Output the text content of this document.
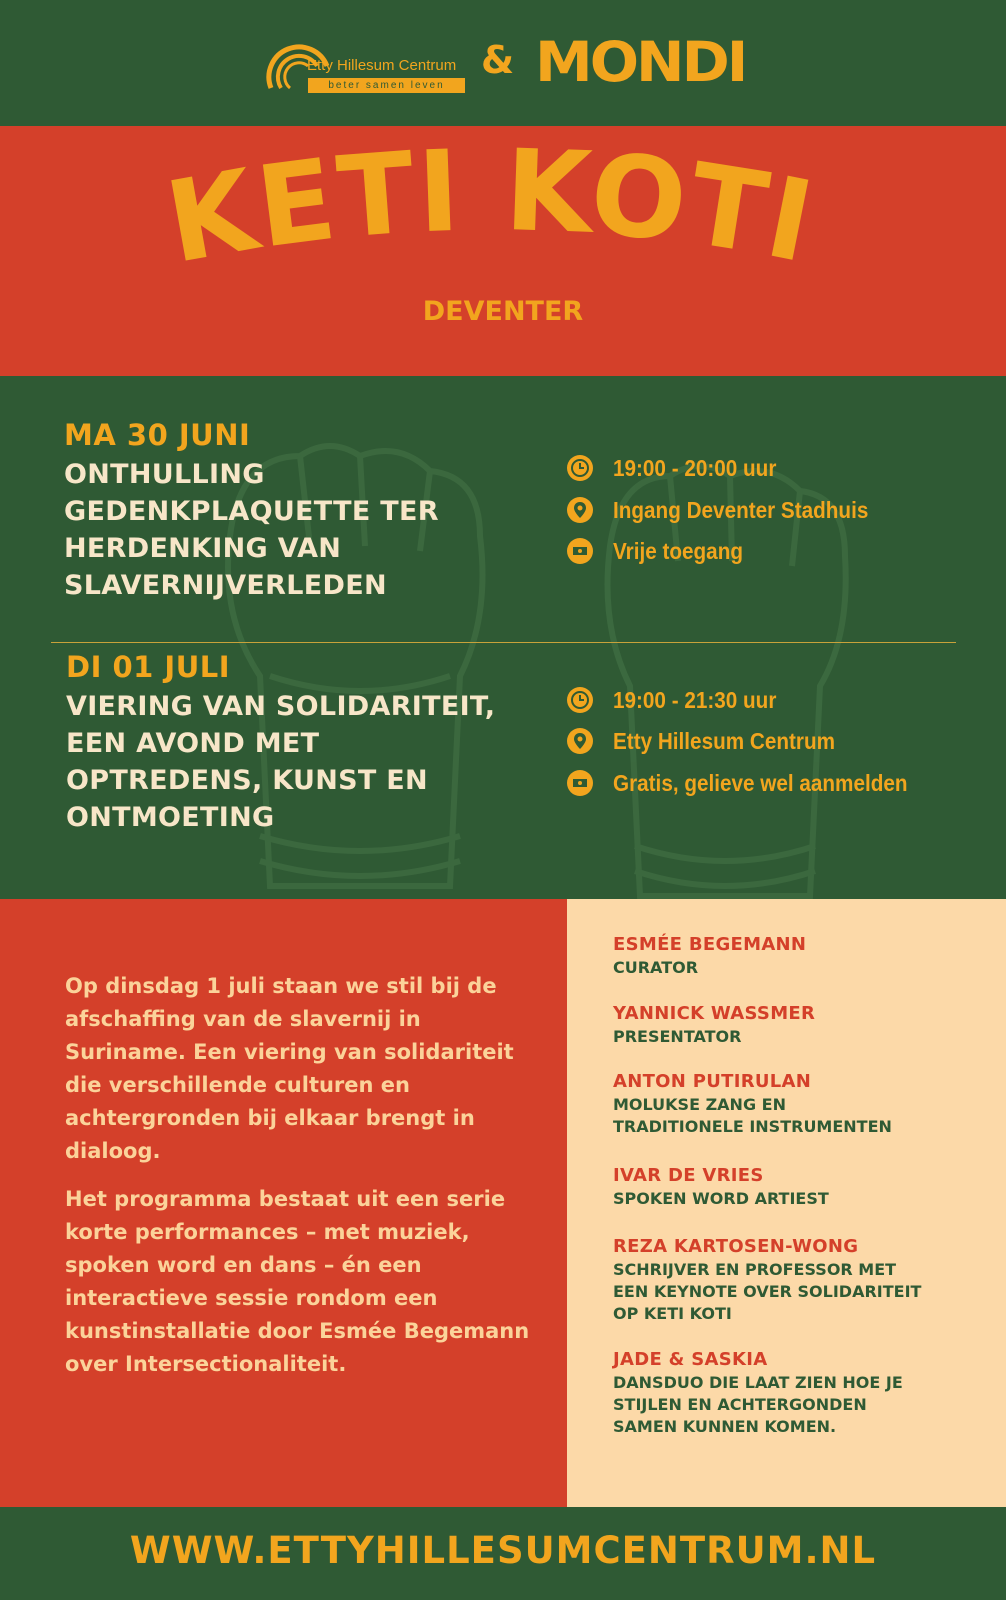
Etty Hillesum Centrum
beter samen leven
& MONDI
KETI KOTI
DEVENTER
MA 30 JUNI
ONTHULLING
GEDENKPLAQUETTE TER
HERDENKING VAN
SLAVERNIJVERLEDEN
19:00 - 20:00 uur
Ingang Deventer Stadhuis
Vrije toegang
DI 01 JULI
VIERING VAN SOLIDARITEIT,
EEN AVOND MET
OPTREDENS, KUNST EN
ONTMOETING
19:00 - 21:30 uur
Etty Hillesum Centrum
Gratis, gelieve wel aanmelden
Op dinsdag 1 juli staan we stil bij de afschaffing van de slavernij in Suriname. Een viering van solidariteit die verschillende culturen en achtergronden bij elkaar brengt in dialoog.
Het programma bestaat uit een serie korte performances – met muziek, spoken word en dans – én een interactieve sessie rondom een kunstinstallatie door Esmée Begemann over Intersectionaliteit.
ESMÉE BEGEMANN
CURATOR
YANNICK WASSMER
PRESENTATOR
ANTON PUTIRULAN
MOLUKSE ZANG EN TRADITIONELE INSTRUMENTEN
IVAR DE VRIES
SPOKEN WORD ARTIEST
REZA KARTOSEN-WONG
SCHRIJVER EN PROFESSOR MET EEN KEYNOTE OVER SOLIDARITEIT OP KETI KOTI
JADE & SASKIA
DANSDUO DIE LAAT ZIEN HOE JE STIJLEN EN ACHTERGONDEN SAMEN KUNNEN KOMEN.
WWW.ETTYHILLESUMCENTRUM.NL
